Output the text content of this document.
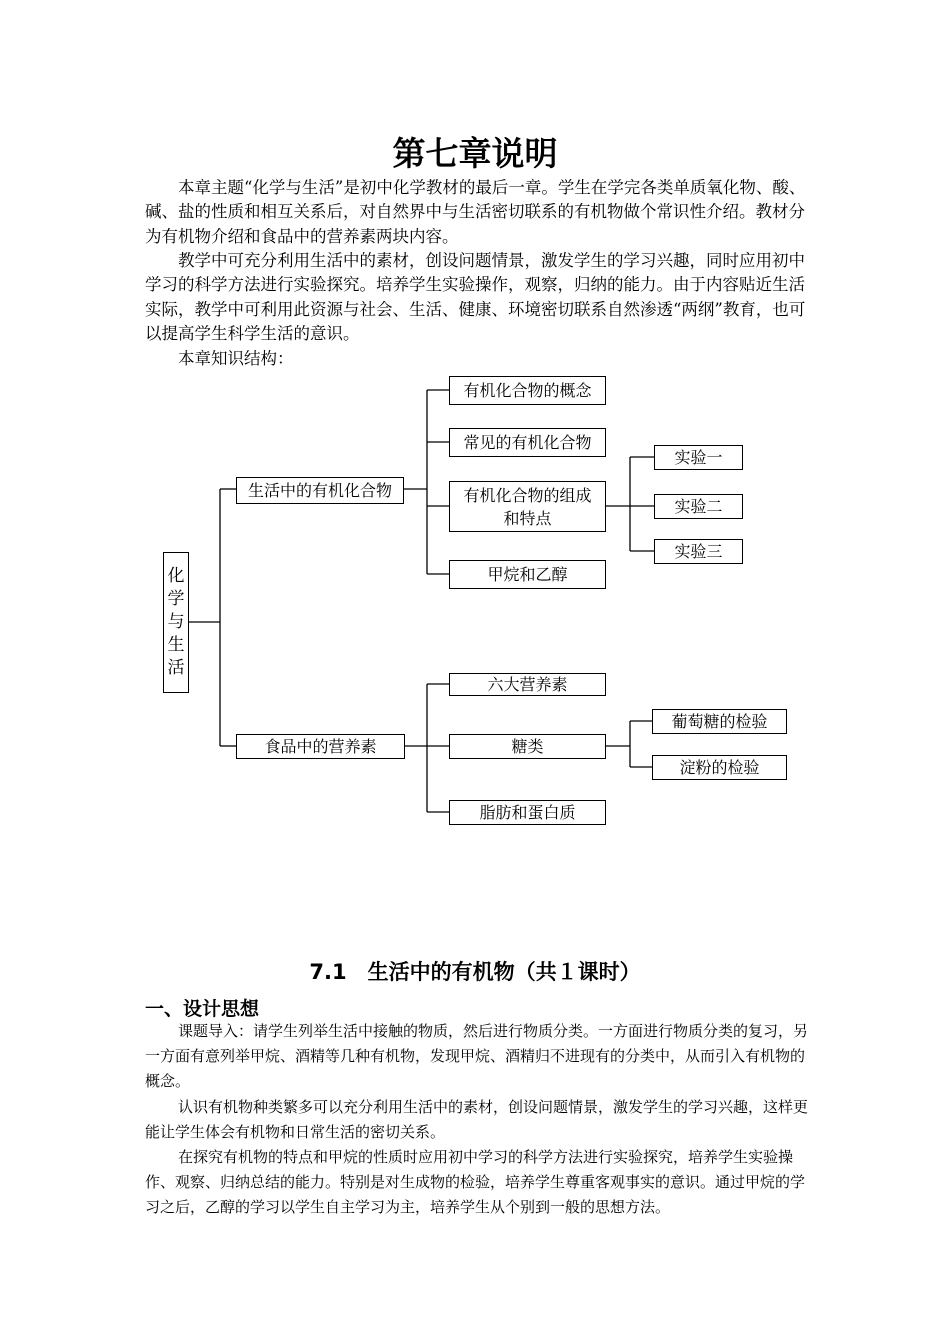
第七章说明
本章主题“化学与生活”是初中化学教材的最后一章。学生在学完各类单质氧化物、酸、碱、盐的性质和相互关系后，对自然界中与生活密切联系的有机物做个常识性介绍。教材分为有机物介绍和食品中的营养素两块内容。
教学中可充分利用生活中的素材，创设问题情景，激发学生的学习兴趣，同时应用初中学习的科学方法进行实验探究。培养学生实验操作，观察，归纳的能力。由于内容贴近生活实际，教学中可利用此资源与社会、生活、健康、环境密切联系自然渗透“两纲”教育，也可以提高学生科学生活的意识。
本章知识结构：
化学与生活
生活中的有机化合物
有机化合物的概念
常见的有机化合物
有机化合物的组成和特点
甲烷和乙醇
实验一
实验二
实验三
食品中的营养素
六大营养素
糖类
脂肪和蛋白质
葡萄糖的检验
淀粉的检验
7.1　生活中的有机物（共１课时）
一、设计思想
课题导入：请学生列举生活中接触的物质，然后进行物质分类。一方面进行物质分类的复习，另一方面有意列举甲烷、酒精等几种有机物，发现甲烷、酒精归不进现有的分类中，从而引入有机物的概念。
认识有机物种类繁多可以充分利用生活中的素材，创设问题情景，激发学生的学习兴趣，这样更能让学生体会有机物和日常生活的密切关系。
在探究有机物的特点和甲烷的性质时应用初中学习的科学方法进行实验探究，培养学生实验操作、观察、归纳总结的能力。特别是对生成物的检验，培养学生尊重客观事实的意识。通过甲烷的学习之后，乙醇的学习以学生自主学习为主，培养学生从个别到一般的思想方法。
